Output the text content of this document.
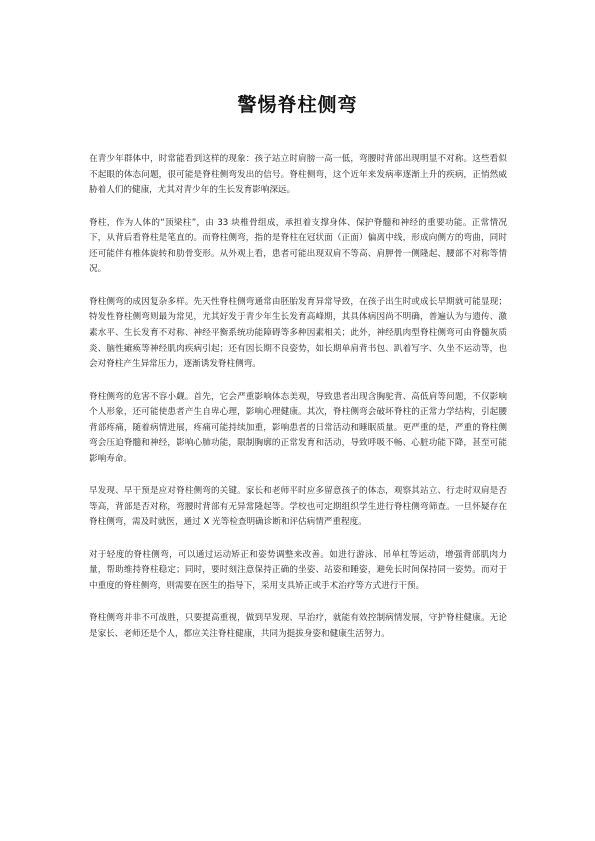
警惕脊柱侧弯

在青少年群体中，时常能看到这样的现象：孩子站立时肩膀一高一低，弯腰时背部出现明显不对称。这些看似不起眼的体态问题，很可能是脊柱侧弯发出的信号。脊柱侧弯，这个近年来发病率逐渐上升的疾病，正悄然威胁着人们的健康，尤其对青少年的生长发育影响深远。

脊柱，作为人体的“顶梁柱”，由 33 块椎骨组成，承担着支撑身体、保护脊髓和神经的重要功能。正常情况下，从背后看脊柱是笔直的。而脊柱侧弯，指的是脊柱在冠状面（正面）偏离中线，形成向侧方的弯曲，同时还可能伴有椎体旋转和肋骨变形。从外观上看，患者可能出现双肩不等高、肩胛骨一侧隆起、腰部不对称等情况。

脊柱侧弯的成因复杂多样。先天性脊柱侧弯通常由胚胎发育异常导致，在孩子出生时或成长早期就可能显现；特发性脊柱侧弯则最为常见，尤其好发于青少年生长发育高峰期，其具体病因尚不明确，普遍认为与遗传、激素水平、生长发育不对称、神经平衡系统功能障碍等多种因素相关；此外，神经肌肉型脊柱侧弯可由脊髓灰质炎、脑性瘫痪等神经肌肉疾病引起；还有因长期不良姿势，如长期单肩背书包、趴着写字、久坐不运动等，也会对脊柱产生异常压力，逐渐诱发脊柱侧弯。

脊柱侧弯的危害不容小觑。首先，它会严重影响体态美观，导致患者出现含胸驼背、高低肩等问题，不仅影响个人形象，还可能使患者产生自卑心理，影响心理健康。其次，脊柱侧弯会破坏脊柱的正常力学结构，引起腰背部疼痛，随着病情进展，疼痛可能持续加重，影响患者的日常活动和睡眠质量。更严重的是，严重的脊柱侧弯会压迫脊髓和神经，影响心肺功能，限制胸廓的正常发育和活动，导致呼吸不畅、心脏功能下降，甚至可能影响寿命。

早发现、早干预是应对脊柱侧弯的关键。家长和老师平时应多留意孩子的体态，观察其站立、行走时双肩是否等高，背部是否对称，弯腰时背部有无异常隆起等。学校也可定期组织学生进行脊柱侧弯筛查。一旦怀疑存在脊柱侧弯，需及时就医，通过 X 光等检查明确诊断和评估病情严重程度。

对于轻度的脊柱侧弯，可以通过运动矫正和姿势调整来改善。如进行游泳、吊单杠等运动，增强背部肌肉力量，帮助维持脊柱稳定；同时，要时刻注意保持正确的坐姿、站姿和睡姿，避免长时间保持同一姿势。而对于中重度的脊柱侧弯，则需要在医生的指导下，采用支具矫正或手术治疗等方式进行干预。

脊柱侧弯并非不可战胜，只要提高重视，做到早发现、早治疗，就能有效控制病情发展，守护脊柱健康。无论是家长、老师还是个人，都应关注脊柱健康，共同为挺拔身姿和健康生活努力。
